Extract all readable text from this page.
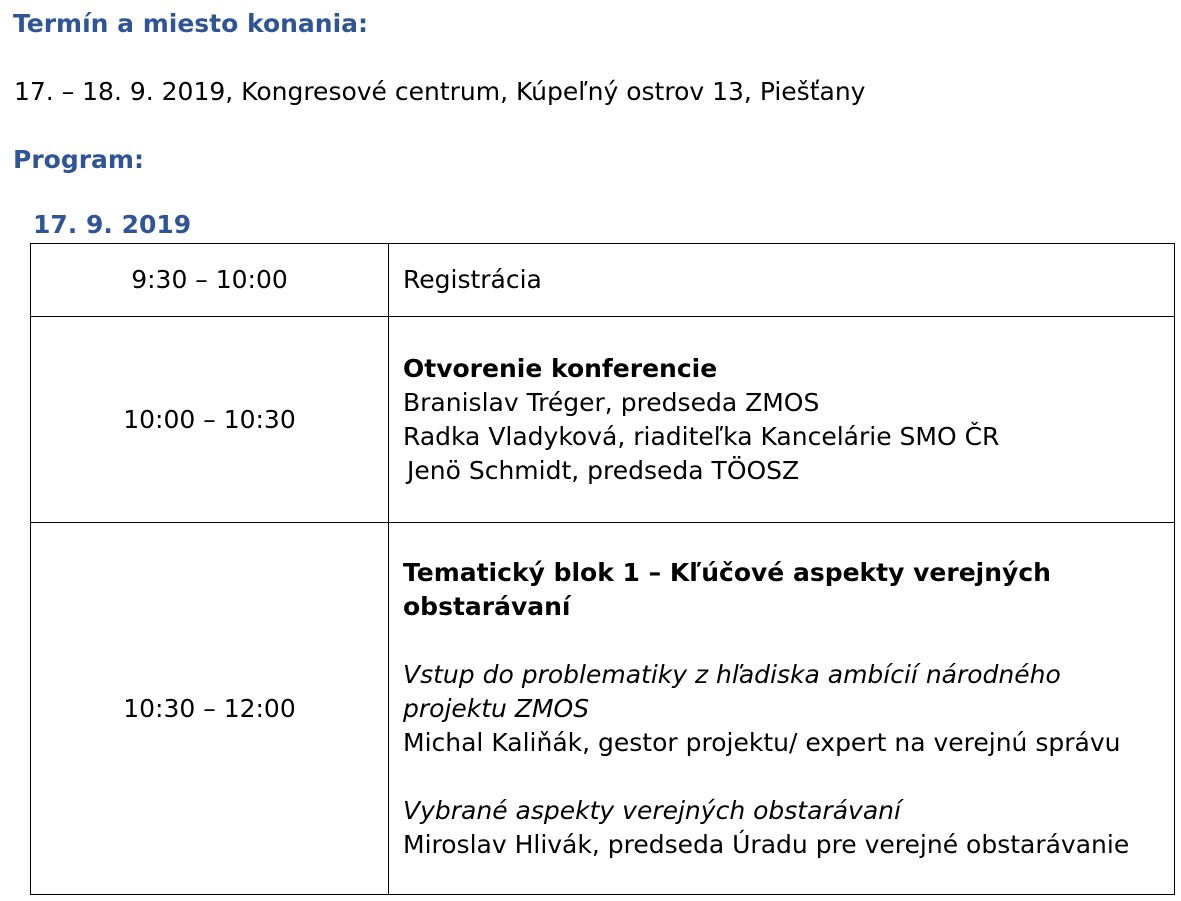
Termín a miesto konania:

17. – 18. 9. 2019, Kongresové centrum, Kúpeľný ostrov 13, Piešťany

Program:
17. 9. 2019
9:30 – 10:00	Registrácia

10:00 – 10:30	Otvorenie konferencie
Branislav Tréger, predseda ZMOS
Radka Vladyková, riaditeľka Kancelárie SMO ČR
Jenö Schmidt, predseda TÖOSZ

10:30 – 12:00	Tematický blok 1 – Kľúčové aspekty verejných obstarávaní
Vstup do problematiky z hľadiska ambícií národného projektu ZMOS
Michal Kaliňák, gestor projektu/ expert na verejnú správu
Vybrané aspekty verejných obstarávaní
Miroslav Hlivák, predseda Úradu pre verejné obstarávanie
